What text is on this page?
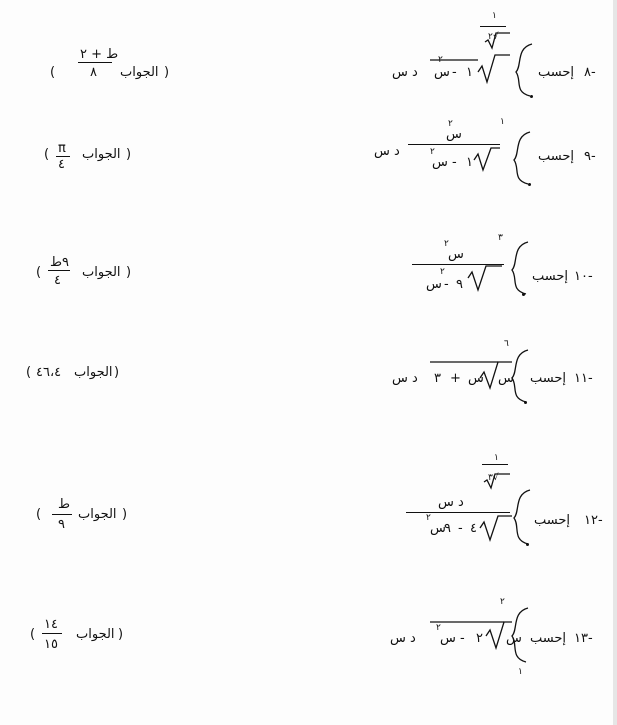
-٨
إحسب
١
٢√
١
-
س
٢
د س
(
الجواب
ط + ٢
٨
)
-٩
إحسب
١
س
٢
١
-
س
٢
د س
(
الجواب
π
٤
)
-١٠
إحسب
٣
س
٢
٩
-
س
٢
(
الجواب
٩ط
٤
)
-١١
إحسب
٦
س
س
+
٣
د س
(
الجواب
٤٦،٤
)
-١٢
إحسب
١
٣√
د س
٤
-
٩
س
٢
(
الجواب
ط
٩
)
-١٣
إحسب
٢
١
س
٢
-
س
٢
د س
(
الجواب
١٤
١٥
)
